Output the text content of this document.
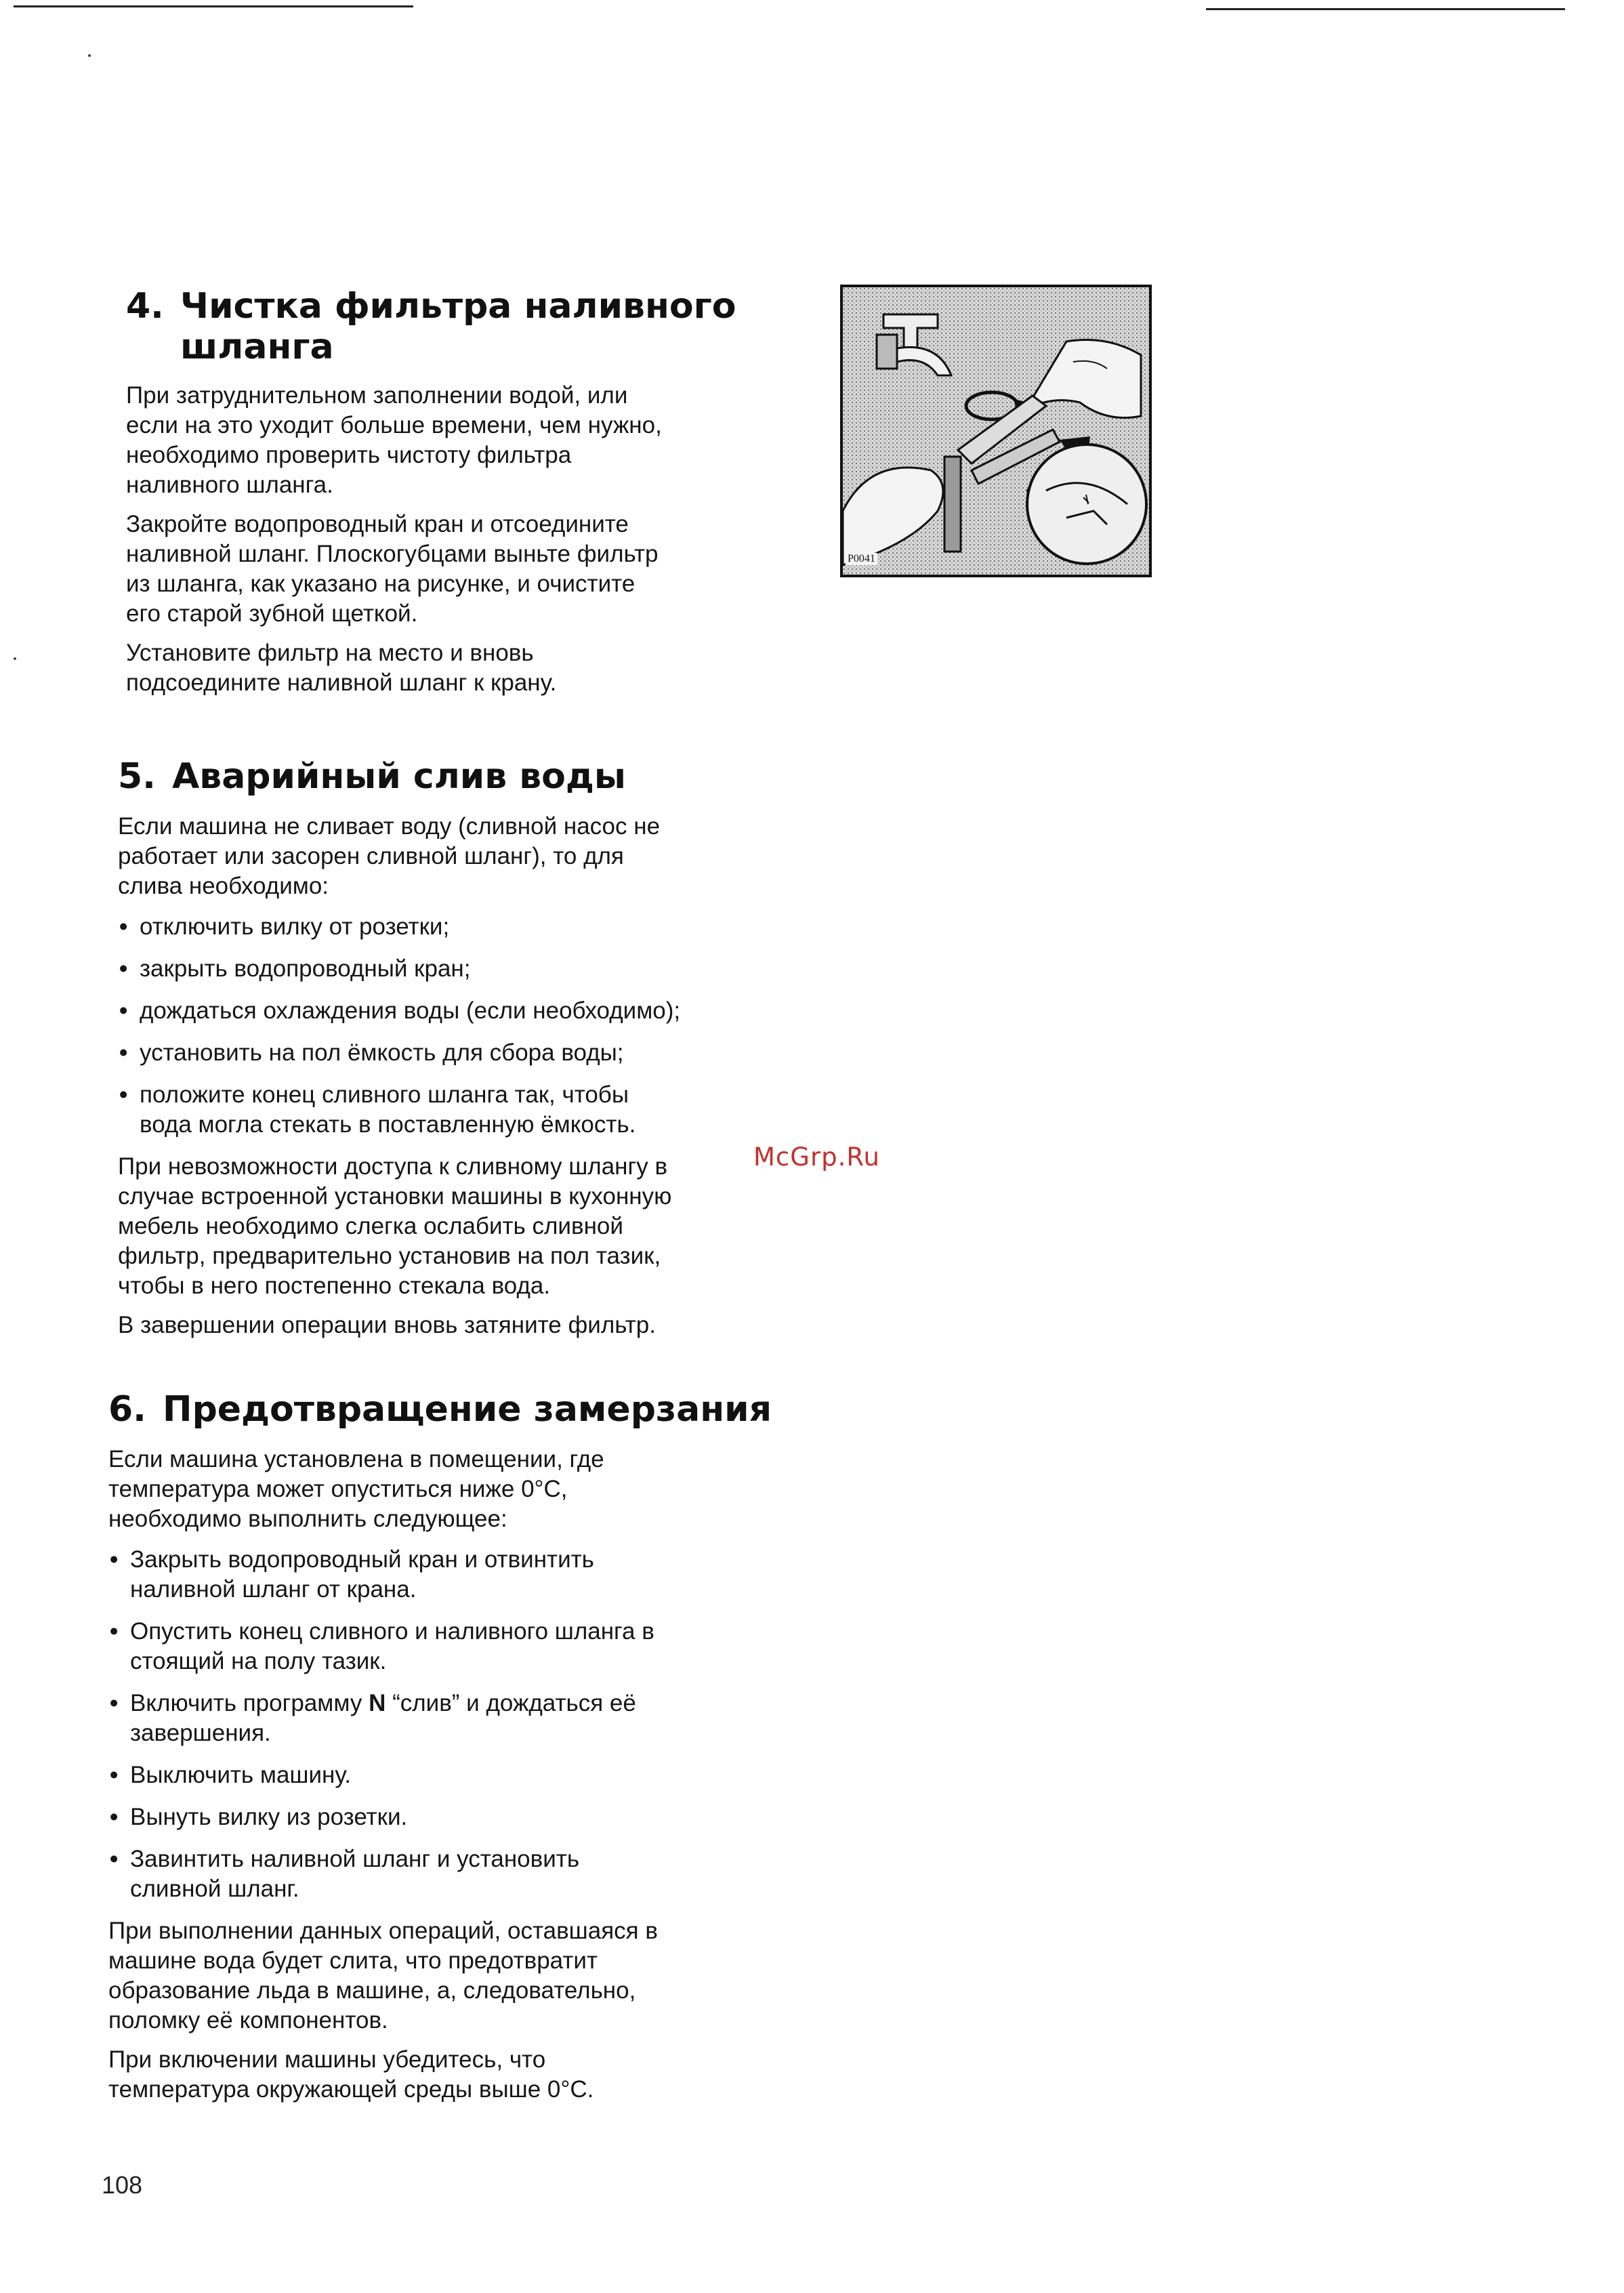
4. Чистка фильтра наливного
шланга

При затруднительном заполнении водой, или
если на это уходит больше времени, чем нужно,
необходимо проверить чистоту фильтра
наливного шланга.

Закройте водопроводный кран и отсоедините
наливной шланг. Плоскогубцами выньте фильтр
из шланга, как указано на рисунке, и очистите
его старой зубной щеткой.

Установите фильтр на место и вновь
подсоедините наливной шланг к крану.

P0041
5. Аварийный слив воды

Если машина не сливает воду (сливной насос не
работает или засорен сливной шланг), то для
слива необходимо:

• отключить вилку от розетки;
• закрыть водопроводный кран;
• дождаться охлаждения воды (если необходимо);
• установить на пол ёмкость для сбора воды;
• положите конец сливного шланга так, чтобы
вода могла стекать в поставленную ёмкость.

При невозможности доступа к сливному шлангу в
случае встроенной установки машины в кухонную
мебель необходимо слегка ослабить сливной
фильтр, предварительно установив на пол тазик,
чтобы в него постепенно стекала вода.

В завершении операции вновь затяните фильтр.

McGrp.Ru
6. Предотвращение замерзания

Если машина установлена в помещении, где
температура может опуститься ниже 0°С,
необходимо выполнить следующее:

• Закрыть водопроводный кран и отвинтить
наливной шланг от крана.
• Опустить конец сливного и наливного шланга в
стоящий на полу тазик.
• Включить программу N “слив” и дождаться её
завершения.
• Выключить машину.
• Вынуть вилку из розетки.
• Завинтить наливной шланг и установить
сливной шланг.

При выполнении данных операций, оставшаяся в
машине вода будет слита, что предотвратит
образование льда в машине, а, следовательно,
поломку её компонентов.

При включении машины убедитесь, что
температура окружающей среды выше 0°С.

108
